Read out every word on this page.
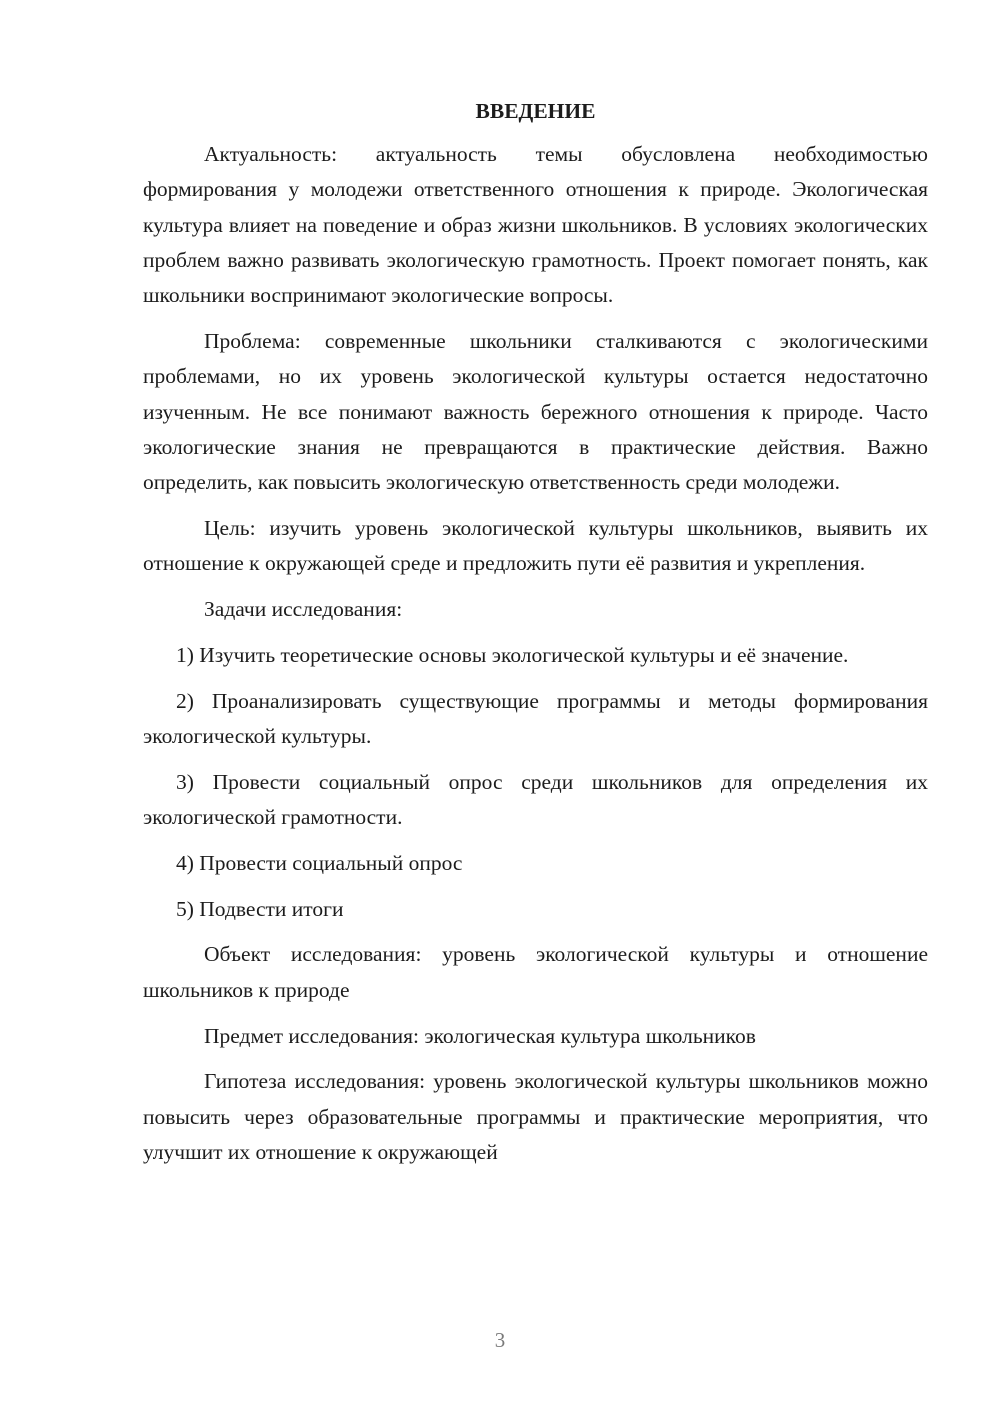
ВВЕДЕНИЕ

Актуальность: актуальность темы обусловлена необходимостью формирования у молодежи ответственного отношения к природе. Экологическая культура влияет на поведение и образ жизни школьников. В условиях экологических проблем важно развивать экологическую грамотность. Проект помогает понять, как школьники воспринимают экологические вопросы.

Проблема: современные школьники сталкиваются с экологическими проблемами, но их уровень экологической культуры остается недостаточно изученным. Не все понимают важность бережного отношения к природе. Часто экологические знания не превращаются в практические действия. Важно определить, как повысить экологическую ответственность среди молодежи.

Цель: изучить уровень экологической культуры школьников, выявить их отношение к окружающей среде и предложить пути её развития и укрепления.

Задачи исследования:

1) Изучить теоретические основы экологической культуры и её значение.

2) Проанализировать существующие программы и методы формирования экологической культуры.

3) Провести социальный опрос среди школьников для определения их экологической грамотности.

4) Провести социальный опрос

5) Подвести итоги

Объект исследования: уровень экологической культуры и отношение школьников к природе

Предмет исследования: экологическая культура школьников

Гипотеза исследования: уровень экологической культуры школьников можно повысить через образовательные программы и практические мероприятия, что улучшит их отношение к окружающей

3
